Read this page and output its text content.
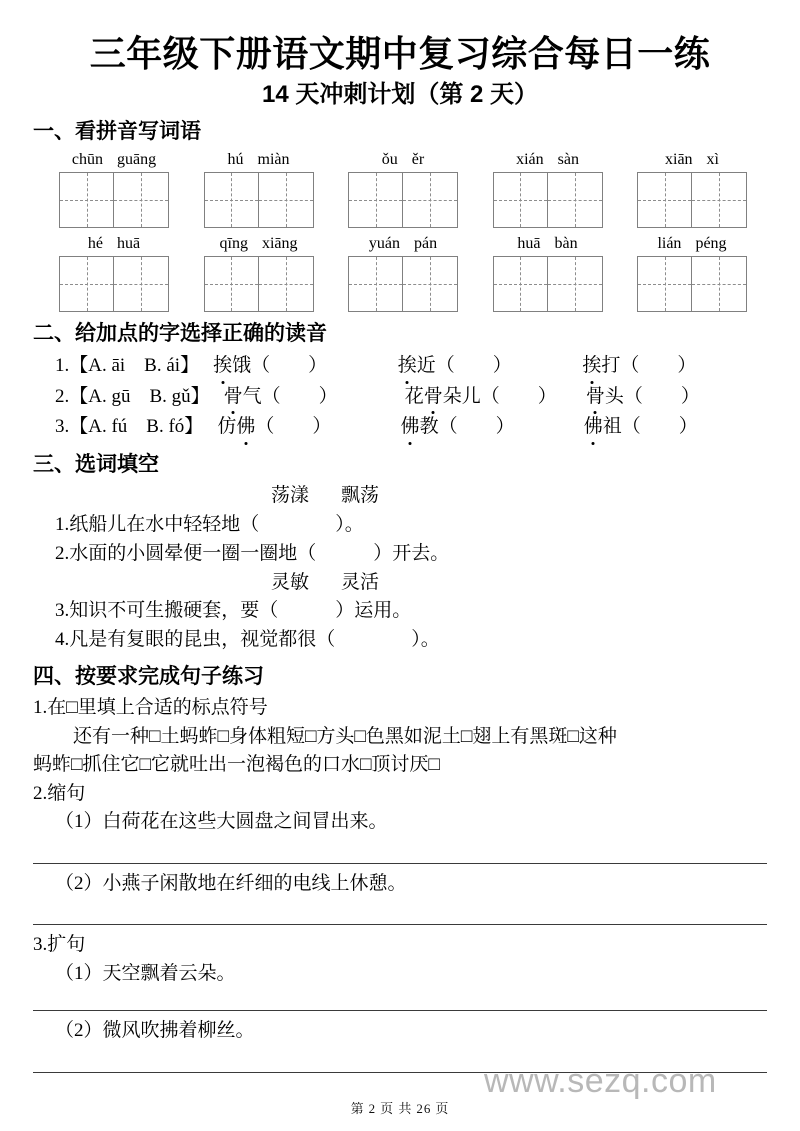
三年级下册语文期中复习综合每日一练
14 天冲刺计划（第 2 天）
一、看拼音写词语
chūn guāng	hú miàn	ǒu ěr	xián sàn	xiān xì
hé huā	qīng xiāng	yuán pán	huā bàn	lián péng
二、给加点的字选择正确的读音
1. 【A. āi　B. ái】 挨饿（　　）	挨近（　　）	挨打（　　）
2. 【A. gū　B. gǔ】 骨气（　　）	花骨朵儿（　　）	骨头（　　）
3. 【A. fú　B. fó】 仿佛（　　）	佛教（　　）	佛祖（　　）
三、选词填空
荡漾 飘荡
1.纸船儿在水中轻轻地（　　　　）。
2.水面的小圆晕便一圈一圈地（　　　）开去。
灵敏 灵活
3.知识不可生搬硬套，要（　　　）运用。
4.凡是有复眼的昆虫，视觉都很（　　　　）。
四、按要求完成句子练习
1.在□里填上合适的标点符号
还有一种□土蚂蚱□身体粗短□方头□色黑如泥土□翅上有黑斑□这种
蚂蚱□抓住它□它就吐出一泡褐色的口水□顶讨厌□
2.缩句
（1）白荷花在这些大圆盘之间冒出来。
（2）小燕子闲散地在纤细的电线上休憩。
3.扩句
（1）天空飘着云朵。
（2）微风吹拂着柳丝。
www.sezq.com
第 2 页 共 26 页
